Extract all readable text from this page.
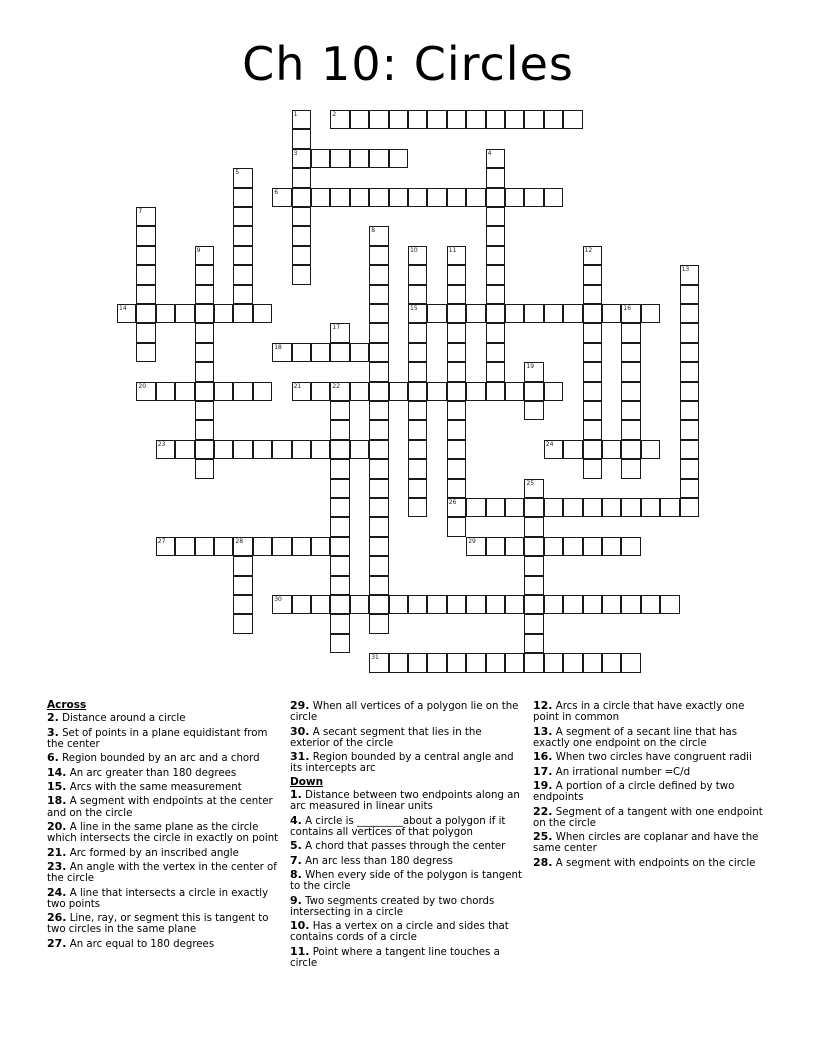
Ch 10: Circles
1
3
2
4
5
6
7
8
9	10
15
11
26
12
13
14	16
17
18
19
20	21	22
23	24
25
27	28	29
30
31
Across
2. Distance around a circle
3. Set of points in a plane equidistant from the center
6. Region bounded by an arc and a chord
14. An arc greater than 180 degrees
15. Arcs with the same measurement
18. A segment with endpoints at the center and on the circle
20. A line in the same plane as the circle which intersects the circle in exactly on point
21. Arc formed by an inscribed angle
23. An angle with the vertex in the center of the circle
24. A line that intersects a circle in exactly two points
26. Line, ray, or segment this is tangent to two circles in the same plane
27. An arc equal to 180 degrees
29. When all vertices of a polygon lie on the circle
30. A secant segment that lies in the exterior of the circle
31. Region bounded by a central angle and its intercepts arc
Down
1. Distance between two endpoints along an arc measured in linear units
4. A circle is _________about a polygon if it contains all vertices of that polygon
5. A chord that passes through the center
7. An arc less than 180 degress
8. When every side of the polygon is tangent to the circle
9. Two segments created by two chords intersecting in a circle
10. Has a vertex on a circle and sides that contains cords of a circle
11. Point where a tangent line touches a circle
12. Arcs in a circle that have exactly one point in common
13. A segment of a secant line that has exactly one endpoint on the circle
16. When two circles have congruent radii
17. An irrational number =C/d
19. A portion of a circle defined by two endpoints
22. Segment of a tangent with one endpoint on the circle
25. When circles are coplanar and have the same center
28. A segment with endpoints on the circle
